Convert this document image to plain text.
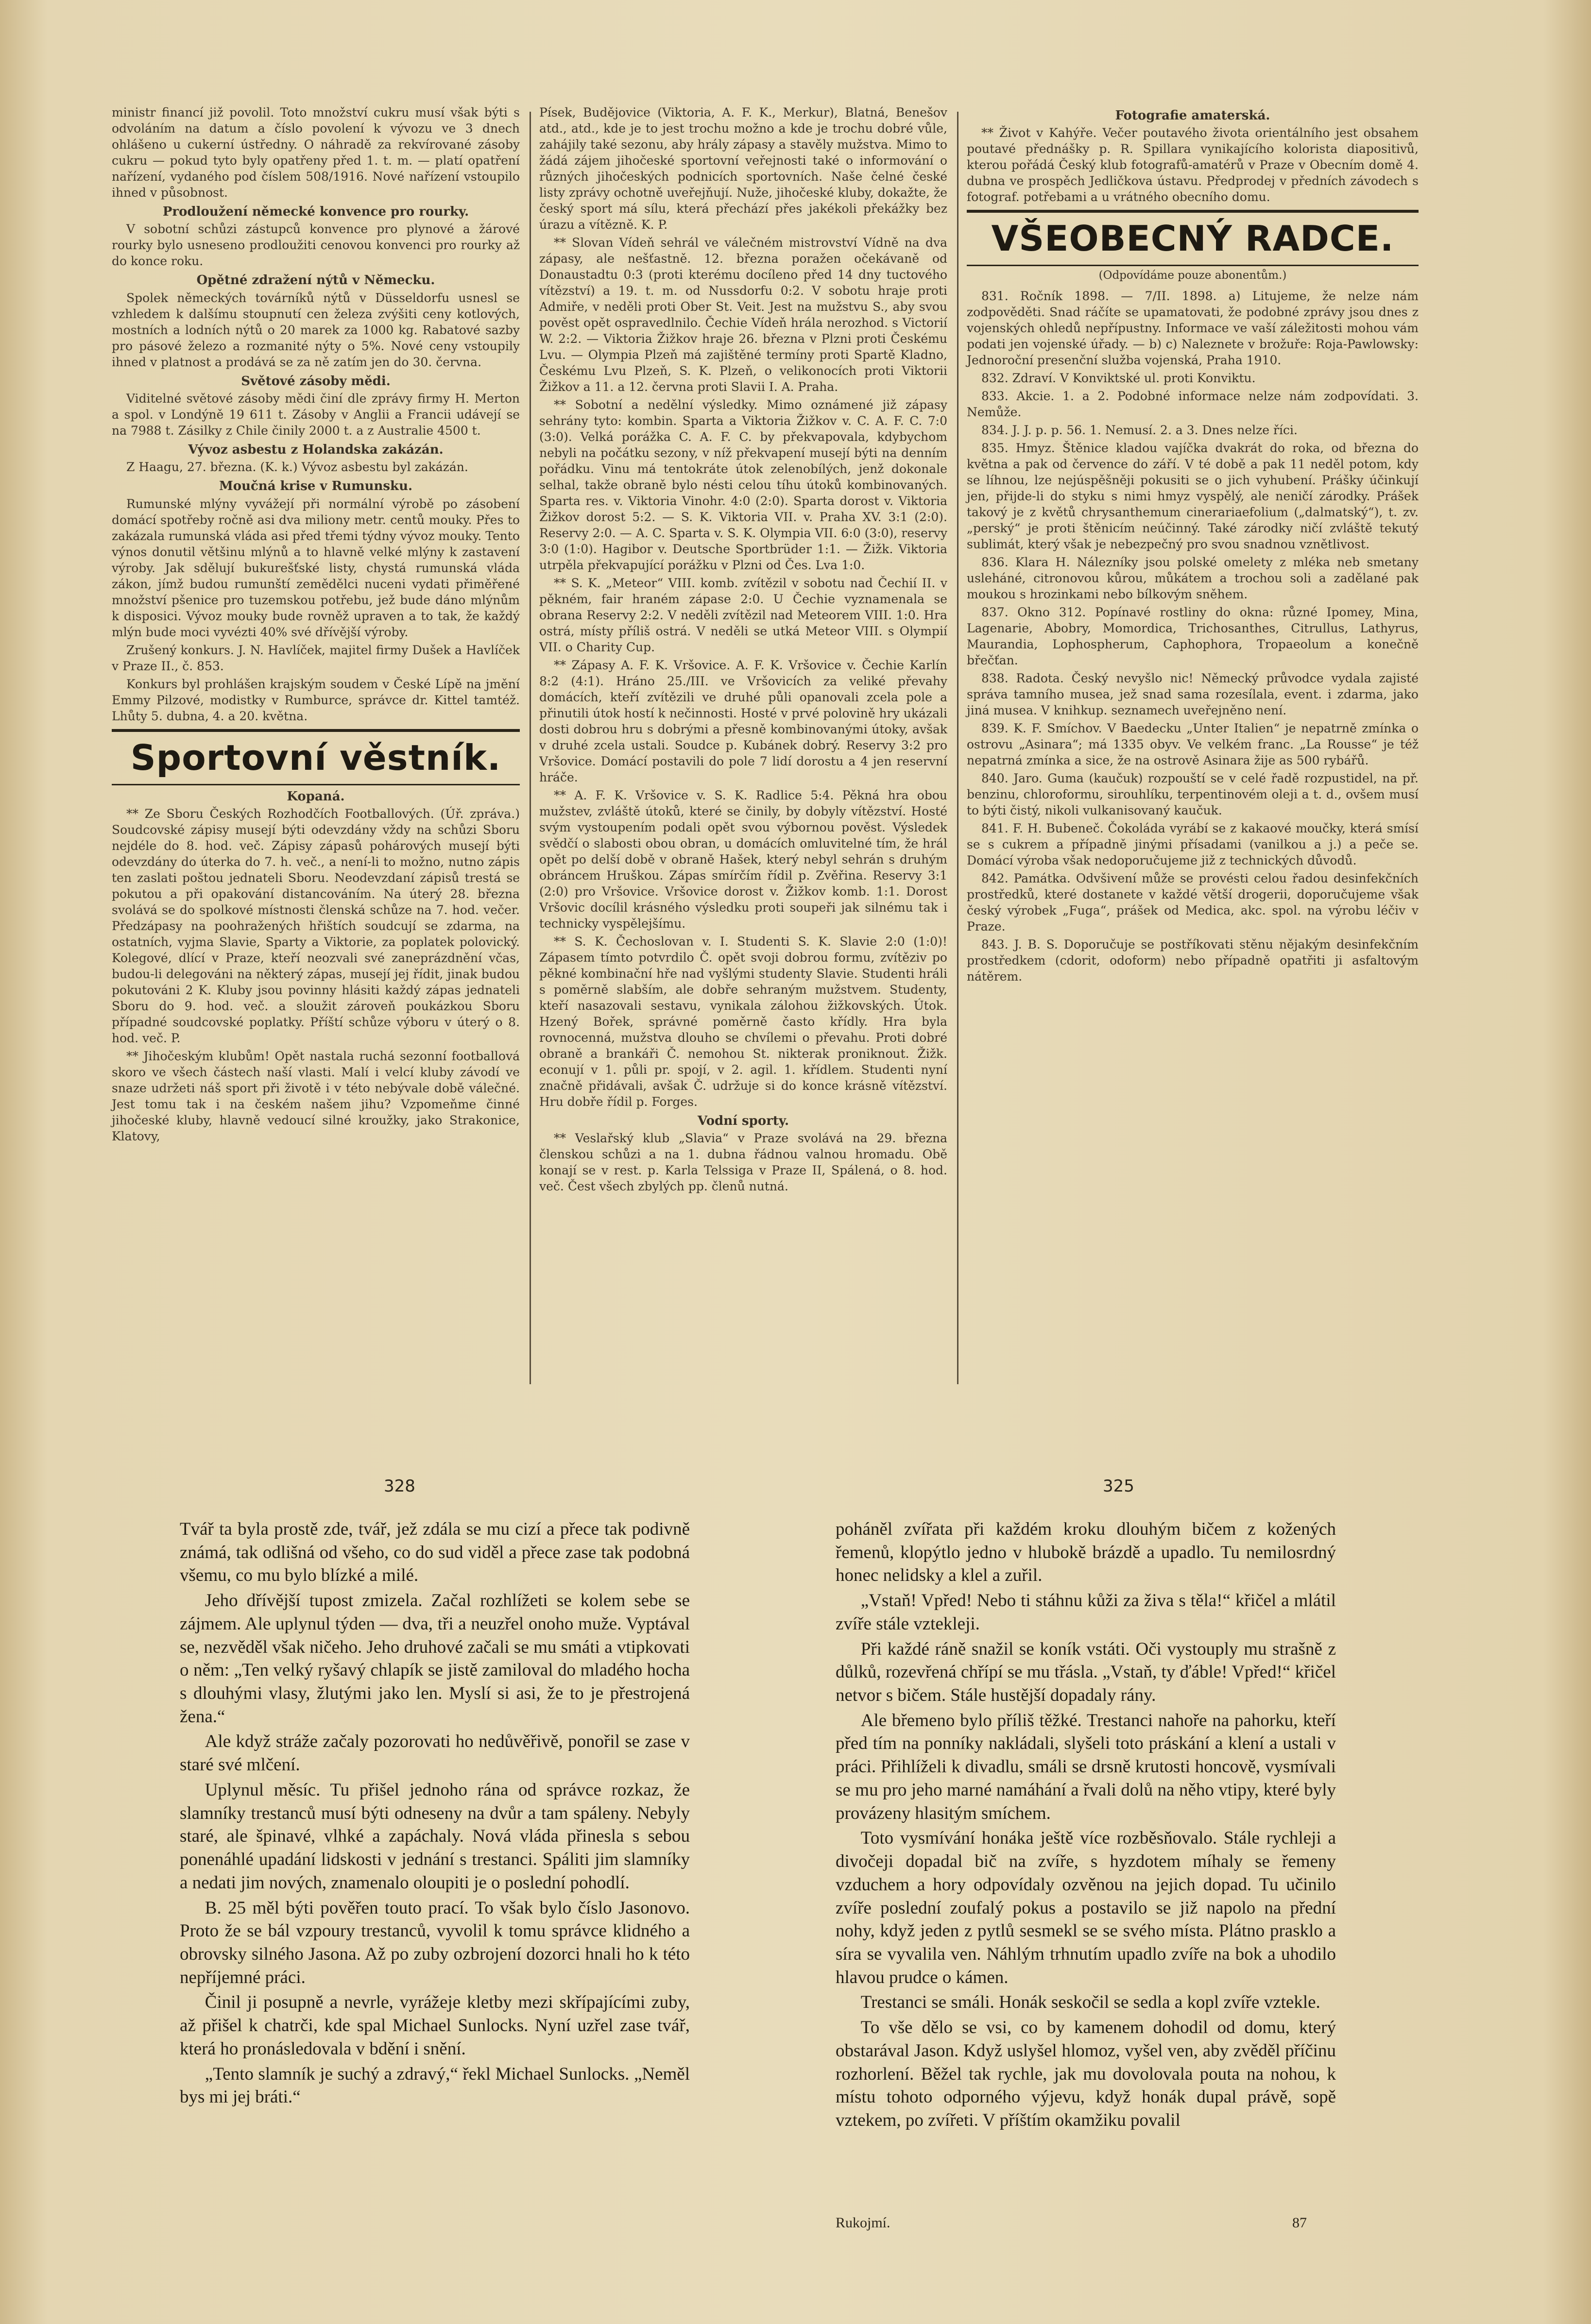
ministr financí již povolil. Toto množství cukru musí však býti s odvoláním na datum a číslo povolení k vývozu ve 3 dnech ohlášeno u cukerní ústředny. O náhradě za rekvírované zásoby cukru — pokud tyto byly opatřeny před 1. t. m. — platí opatření nařízení, vydaného pod číslem 508/1916. Nové nařízení vstoupilo ihned v působnost.

Prodloužení německé konvence pro rourky.

V sobotní schůzi zástupců konvence pro plynové a žárové rourky bylo usneseno prodloužiti cenovou konvenci pro rourky až do konce roku.

Opětné zdražení nýtů v Německu.

Spolek německých továrníků nýtů v Düsseldorfu usnesl se vzhledem k dalšímu stoupnutí cen železa zvýšiti ceny kotlových, mostních a lodních nýtů o 20 marek za 1000 kg. Rabatové sazby pro pásové železo a rozmanité nýty o 5%. Nové ceny vstoupily ihned v platnost a prodává se za ně zatím jen do 30. června.

Světové zásoby mědi.

Viditelné světové zásoby mědi činí dle zprávy firmy H. Merton a spol. v Londýně 19 611 t. Zásoby v Anglii a Francii udávejí se na 7988 t. Zásilky z Chile činily 2000 t. a z Australie 4500 t.

Vývoz asbestu z Holandska zakázán.

Z Haagu, 27. března. (K. k.) Vývoz asbestu byl zakázán.

Moučná krise v Rumunsku.

Rumunské mlýny vyvážejí při normální výrobě po zásobení domácí spotřeby ročně asi dva miliony metr. centů mouky. Přes to zakázala rumunská vláda asi před třemi týdny vývoz mouky. Tento výnos donutil většinu mlýnů a to hlavně velké mlýny k zastavení výroby. Jak sdělují bukurešťské listy, chystá rumunská vláda zákon, jímž budou rumunští zemědělci nuceni vydati přiměřené množství pšenice pro tuzemskou potřebu, jež bude dáno mlýnům k disposici. Vývoz mouky bude rovněž upraven a to tak, že každý mlýn bude moci vyvézti 40% své dřívější výroby.

Zrušený konkurs. J. N. Havlíček, majitel firmy Dušek a Havlíček v Praze II., č. 853.

Konkurs byl prohlášen krajským soudem v České Lípě na jmění Emmy Pilzové, modistky v Rumburce, správce dr. Kittel tamtéž. Lhůty 5. dubna, 4. a 20. května.

Sportovní věstník.
Kopaná.

** Ze Sboru Českých Rozhodčích Footballových. (Úř. zpráva.) Soudcovské zápisy musejí býti odevzdány vždy na schůzi Sboru nejdéle do 8. hod. več. Zápisy zápasů pohárových musejí býti odevzdány do úterka do 7. h. več., a není-li to možno, nutno zápis ten zaslati poštou jednateli Sboru. Neodevzdaní zápisů trestá se pokutou a při opakování distancováním. Na úterý 28. března svolává se do spolkové místnosti členská schůze na 7. hod. večer. Předzápasy na poohražených hřištích soudcují se zdarma, na ostatních, vyjma Slavie, Sparty a Viktorie, za poplatek polovický. Kolegové, dlící v Praze, kteří neozvali své zaneprázdnění včas, budou-li delegováni na některý zápas, musejí jej řídit, jinak budou pokutováni 2 K. Kluby jsou povinny hlásiti každý zápas jednateli Sboru do 9. hod. več. a sloužit zároveň poukázkou Sboru případné soudcovské poplatky. Příští schůze výboru v úterý o 8. hod. več. P.

** Jihočeským klubům! Opět nastala ruchá sezonní footballová skoro ve všech částech naší vlasti. Malí i velcí kluby závodí ve snaze udržeti náš sport při životě i v této nebývale době válečné. Jest tomu tak i na českém našem jihu? Vzpomeňme činné jihočeské kluby, hlavně vedoucí silné kroužky, jako Strakonice, Klatovy,

Písek, Budějovice (Viktoria, A. F. K., Merkur), Blatná, Benešov atd., atd., kde je to jest trochu možno a kde je trochu dobré vůle, zahájily také sezonu, aby hrály zápasy a stavěly mužstva. Mimo to žádá zájem jihočeské sportovní veřejnosti také o informování o různých jihočeských podnicích sportovních. Naše čelné české listy zprávy ochotně uveřejňují. Nuže, jihočeské kluby, dokažte, že český sport má sílu, která přechází přes jakékoli překážky bez úrazu a vítězně. K. P.

** Slovan Vídeň sehrál ve válečném mistrovství Vídně na dva zápasy, ale nešťastně. 12. března poražen očekávaně od Donaustadtu 0:3 (proti kterému docíleno před 14 dny tuctového vítězství) a 19. t. m. od Nussdorfu 0:2. V sobotu hraje proti Admiře, v neděli proti Ober St. Veit. Jest na mužstvu S., aby svou pověst opět ospravedlnilo. Čechie Vídeň hrála nerozhod. s Victorií W. 2:2. — Viktoria Žižkov hraje 26. března v Plzni proti Českému Lvu. — Olympia Plzeň má zajištěné termíny proti Spartě Kladno, Českému Lvu Plzeň, S. K. Plzeň, o velikonocích proti Viktorii Žižkov a 11. a 12. června proti Slavii I. A. Praha.

** Sobotní a nedělní výsledky. Mimo oznámené již zápasy sehrány tyto: kombin. Sparta a Viktoria Žižkov v. C. A. F. C. 7:0 (3:0). Velká porážka C. A. F. C. by překvapovala, kdybychom nebyli na počátku sezony, v níž překvapení musejí býti na denním pořádku. Vinu má tentokráte útok zelenobílých, jenž dokonale selhal, takže obraně bylo nésti celou tíhu útoků kombinovaných. Sparta res. v. Viktoria Vinohr. 4:0 (2:0). Sparta dorost v. Viktoria Žižkov dorost 5:2. — S. K. Viktoria VII. v. Praha XV. 3:1 (2:0). Reservy 2:0. — A. C. Sparta v. S. K. Olympia VII. 6:0 (3:0), reservy 3:0 (1:0). Hagibor v. Deutsche Sportbrüder 1:1. — Žižk. Viktoria utrpěla překvapující porážku v Plzni od Čes. Lva 1:0.

** S. K. „Meteor“ VIII. komb. zvítězil v sobotu nad Čechií II. v pěkném, fair hraném zápase 2:0. U Čechie vyznamenala se obrana Reservy 2:2. V neděli zvítězil nad Meteorem VIII. 1:0. Hra ostrá, místy příliš ostrá. V neděli se utká Meteor VIII. s Olympií VII. o Charity Cup.

** Zápasy A. F. K. Vršovice. A. F. K. Vršovice v. Čechie Karlín 8:2 (4:1). Hráno 25./III. ve Vršovicích za veliké převahy domácích, kteří zvítězili ve druhé půli opanovali zcela pole a přinutili útok hostí k nečinnosti. Hosté v prvé polovině hry ukázali dosti dobrou hru s dobrými a přesně kombinovanými útoky, avšak v druhé zcela ustali. Soudce p. Kubánek dobrý. Reservy 3:2 pro Vršovice. Domácí postavili do pole 7 lidí dorostu a 4 jen reservní hráče.

** A. F. K. Vršovice v. S. K. Radlice 5:4. Pěkná hra obou mužstev, zvláště útoků, které se činily, by dobyly vítězství. Hosté svým vystoupením podali opět svou výbornou pověst. Výsledek svědčí o slabosti obou obran, u domácích omluvitelné tím, že hrál opět po delší době v obraně Hašek, který nebyl sehrán s druhým obráncem Hruškou. Zápas smírčím řídil p. Zvěřina. Reservy 3:1 (2:0) pro Vršovice. Vršovice dorost v. Žižkov komb. 1:1. Dorost Vršovic docílil krásného výsledku proti soupeři jak silnému tak i technicky vyspělejšímu.

** S. K. Čechoslovan v. I. Studenti S. K. Slavie 2:0 (1:0)! Zápasem tímto potvrdilo Č. opět svoji dobrou formu, zvítěziv po pěkné kombinační hře nad vyšlými studenty Slavie. Studenti hráli s poměrně slabším, ale dobře sehraným mužstvem. Studenty, kteří nasazovali sestavu, vynikala zálohou žižkovských. Útok. Hzený Bořek, správné poměrně často křídly. Hra byla rovnocenná, mužstva dlouho se chvílemi o převahu. Proti dobré obraně a brankáři Č. nemohou St. nikterak proniknout. Žižk. econují v 1. půli pr. spojí, v 2. agil. 1. křídlem. Studenti nyní značně přidávali, avšak Č. udržuje si do konce krásně vítězství. Hru dobře řídil p. Forges.

Vodní sporty.

** Veslařský klub „Slavia“ v Praze svolává na 29. března členskou schůzi a na 1. dubna řádnou valnou hromadu. Obě konají se v rest. p. Karla Telssiga v Praze II, Spálená, o 8. hod. več. Čest všech zbylých pp. členů nutná.

Fotografie amaterská.

** Život v Kahýře. Večer poutavého života orientálního jest obsahem poutavé přednášky p. R. Spillara vynikajícího kolorista diapositivů, kterou pořádá Český klub fotografů-amatérů v Praze v Obecním domě 4. dubna ve prospěch Jedličkova ústavu. Předprodej v předních závodech s fotograf. potřebami a u vrátného obecního domu.

VŠEOBECNÝ RADCE.
(Odpovídáme pouze abonentům.)

831. Ročník 1898. — 7/II. 1898. a) Litujeme, že nelze nám zodpověděti. Snad ráčíte se upamatovati, že podobné zprávy jsou dnes z vojenských ohledů nepřípustny. Informace ve vaší záležitosti mohou vám podati jen vojenské úřady. — b) c) Naleznete v brožuře: Roja-Pawlowsky: Jednoroční presenční služba vojenská, Praha 1910.

832. Zdraví. V Konviktské ul. proti Konviktu.

833. Akcie. 1. a 2. Podobné informace nelze nám zodpovídati. 3. Nemůže.

834. J. J. p. p. 56. 1. Nemusí. 2. a 3. Dnes nelze říci.

835. Hmyz. Štěnice kladou vajíčka dvakrát do roka, od března do května a pak od července do září. V té době a pak 11 neděl potom, kdy se líhnou, lze nejúspěšněji pokusiti se o jich vyhubení. Prášky účinkují jen, přijde-li do styku s nimi hmyz vyspělý, ale neničí zárodky. Prášek takový je z květů chrysanthemum cinerariaefolium („dalmatský“), t. zv. „perský“ je proti štěnicím neúčinný. Také zárodky ničí zvláště tekutý sublimát, který však je nebezpečný pro svou snadnou vznětlivost.

836. Klara H. Nálezníky jsou polské omelety z mléka neb smetany usleháné, citronovou kůrou, můkátem a trochou soli a zadělané pak moukou s hrozinkami nebo bílkovým sněhem.

837. Okno 312. Popínavé rostliny do okna: různé Ipomey, Mina, Lagenarie, Abobry, Momordica, Trichosanthes, Citrullus, Lathyrus, Maurandia, Lophospherum, Caphophora, Tropaeolum a konečně břečťan.

838. Radota. Český nevyšlo nic! Německý průvodce vydala zajisté správa tamního musea, jež snad sama rozesílala, event. i zdarma, jako jiná musea. V knihkup. seznamech uveřejněno není.

839. K. F. Smíchov. V Baedecku „Unter Italien“ je nepatrně zmínka o ostrovu „Asinara“; má 1335 obyv. Ve velkém franc. „La Rousse“ je též nepatrná zmínka a sice, že na ostrově Asinara žije as 500 rybářů.

840. Jaro. Guma (kaučuk) rozpouští se v celé řadě rozpustidel, na př. benzinu, chloroformu, sirouhlíku, terpentinovém oleji a t. d., ovšem musí to býti čistý, nikoli vulkanisovaný kaučuk.

841. F. H. Bubeneč. Čokoláda vyrábí se z kakaové moučky, která smísí se s cukrem a případně jinými přísadami (vanilkou a j.) a peče se. Domácí výroba však nedoporučujeme již z technických důvodů.

842. Památka. Odvšivení může se provésti celou řadou desinfekčních prostředků, které dostanete v každé větší drogerii, doporučujeme však český výrobek „Fuga“, prášek od Medica, akc. spol. na výrobu léčiv v Praze.

843. J. B. S. Doporučuje se postříkovati stěnu nějakým desinfekčním prostředkem (cdorit, odoform) nebo případně opatřiti ji asfaltovým nátěrem.

328	325

Tvář ta byla prostě zde, tvář, jež zdála se mu cizí a přece tak podivně známá, tak odlišná od všeho, co do sud viděl a přece zase tak podobná všemu, co mu bylo blízké a milé.

Jeho dřívější tupost zmizela. Začal rozhlížeti se kolem sebe se zájmem. Ale uplynul týden — dva, tři a neuzřel onoho muže. Vyptával se, nezvěděl však ničeho. Jeho druhové začali se mu smáti a vtipkovati o něm: „Ten velký ryšavý chlapík se jistě zamiloval do mladého hocha s dlouhými vlasy, žlutými jako len. Myslí si asi, že to je přestrojená žena.“

Ale když stráže začaly pozorovati ho nedůvěřivě, ponořil se zase v staré své mlčení.

Uplynul měsíc. Tu přišel jednoho rána od správce rozkaz, že slamníky trestanců musí býti odneseny na dvůr a tam spáleny. Nebyly staré, ale špinavé, vlhké a zapáchaly. Nová vláda přinesla s sebou ponenáhlé upadání lidskosti v jednání s trestanci. Spáliti jim slamníky a nedati jim nových, znamenalo oloupiti je o poslední pohodlí.

B. 25 měl býti pověřen touto prací. To však bylo číslo Jasonovo. Proto že se bál vzpoury trestanců, vyvolil k tomu správce klidného a obrovsky silného Jasona. Až po zuby ozbrojení dozorci hnali ho k této nepříjemné práci.

Činil ji posupně a nevrle, vyrážeje kletby mezi skřípajícími zuby, až přišel k chatrči, kde spal Michael Sunlocks. Nyní uzřel zase tvář, která ho pronásledovala v bdění i snění.

„Tento slamník je suchý a zdravý,“ řekl Michael Sunlocks. „Neměl bys mi jej bráti.“

poháněl zvířata při každém kroku dlouhým bičem z kožených řemenů, klopýtlo jedno v hlubokě brázdě a upadlo. Tu nemilosrdný honec nelidsky a klel a zuřil.

„Vstaň! Vpřed! Nebo ti stáhnu kůži za živa s těla!“ křičel a mlátil zvíře stále vztekleji.

Při každé ráně snažil se koník vstáti. Oči vystouply mu strašně z důlků, rozevřená chřípí se mu třásla. „Vstaň, ty ďáble! Vpřed!“ křičel netvor s bičem. Stále hustější dopadaly rány.

Ale břemeno bylo příliš těžké. Trestanci nahoře na pahorku, kteří před tím na ponníky nakládali, slyšeli toto práskání a klení a ustali v práci. Přihlíželi k divadlu, smáli se drsně krutosti honcově, vysmívali se mu pro jeho marné namáhání a řvali dolů na něho vtipy, které byly provázeny hlasitým smíchem.

Toto vysmívání honáka ještě více rozběsňovalo. Stále rychleji a divočeji dopadal bič na zvíře, s hyzdotem míhaly se řemeny vzduchem a hory odpovídaly ozvěnou na jejich dopad. Tu učinilo zvíře poslední zoufalý pokus a postavilo se již napolo na přední nohy, když jeden z pytlů sesmekl se se svého místa. Plátno prasklo a síra se vyvalila ven. Náhlým trhnutím upadlo zvíře na bok a uhodilo hlavou prudce o kámen.

Trestanci se smáli. Honák seskočil se sedla a kopl zvíře vztekle.

To vše dělo se vsi, co by kamenem dohodil od domu, který obstarával Jason. Když uslyšel hlomoz, vyšel ven, aby zvěděl příčinu rozhorlení. Běžel tak rychle, jak mu dovolovala pouta na nohou, k místu tohoto odporného výjevu, když honák dupal právě, sopě vztekem, po zvířeti. V příštím okamžiku povalil

Rukojmí.	87
